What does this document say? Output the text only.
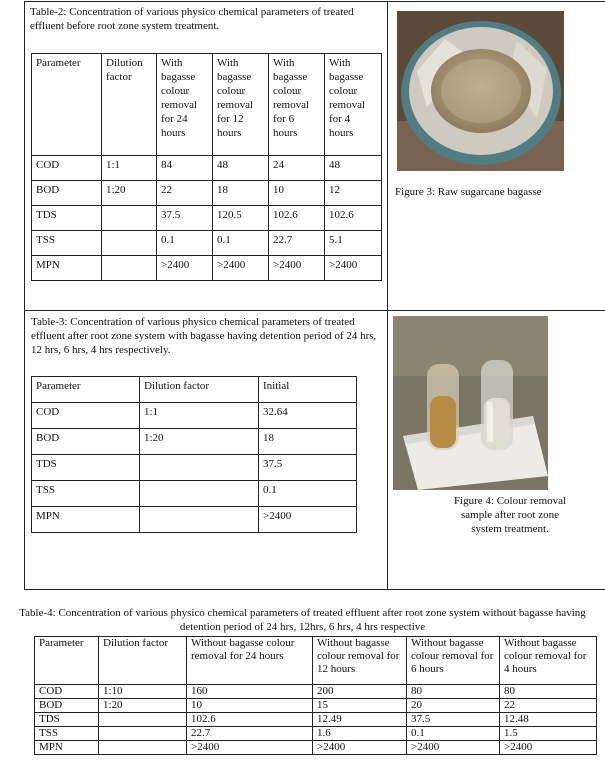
Table-2: Concentration of various physico chemical parameters of treated effluent before root zone system treatment.
Parameter	Dilution factor	With bagasse colour removal for 24 hours	With bagasse colour removal for 12 hours	With bagasse colour removal for 6 hours	With bagasse colour removal for 4 hours
COD	1:1	84	48	24	48
BOD	1:20	22	18	10	12
TDS		37.5	120.5	102.6	102.6
TSS		0.1	0.1	22.7	5.1
MPN		>2400	>2400	>2400	>2400
Figure 3: Raw sugarcane bagasse
Table-3: Concentration of various physico chemical parameters of treated effluent after root zone system with bagasse having detention period of 24 hrs, 12 hrs, 6 hrs, 4 hrs respectively.
Parameter	Dilution factor	Initial
COD	1:1	32.64
BOD	1:20	18
TDS		37.5
TSS		0.1
MPN		>2400
Figure 4: Colour removal
sample after root zone
system treatment.
Table-4: Concentration of various physico chemical parameters of treated effluent after root zone system without bagasse having
detention period of 24 hrs, 12hrs, 6 hrs, 4 hrs respective
Parameter	Dilution factor	Without bagasse colour removal for 24 hours	Without bagasse colour removal for 12 hours	Without bagasse colour removal for 6 hours	Without bagasse colour removal for 4 hours
COD	1:10	160	200	80	80
BOD	1:20	10	15	20	22
TDS		102.6	12.49	37.5	12.48
TSS		22.7	1.6	0.1	1.5
MPN		>2400	>2400	>2400	>2400
